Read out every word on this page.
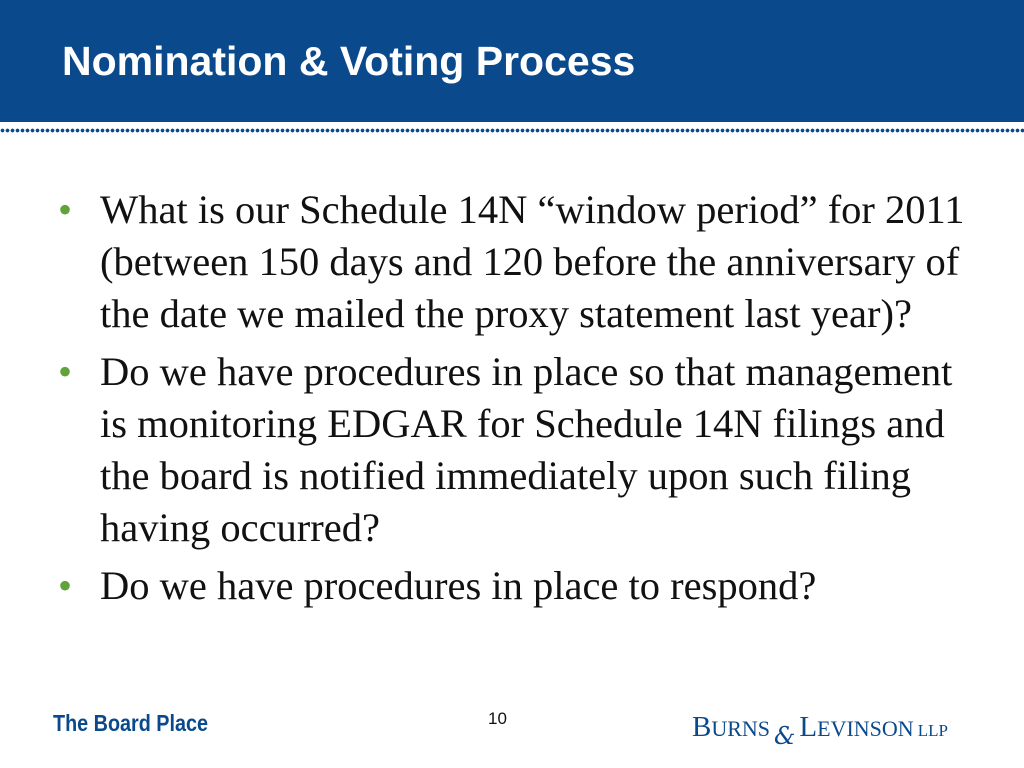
Nomination & Voting Process
• What is our Schedule 14N “window period” for 2011 (between 150 days and 120 before the anniversary of the date we mailed the proxy statement last year)?
• Do we have procedures in place so that management is monitoring EDGAR for Schedule 14N filings and the board is notified immediately upon such filing having occurred?
• Do we have procedures in place to respond?
The Board Place	10	BURNS & LEVINSON LLP
